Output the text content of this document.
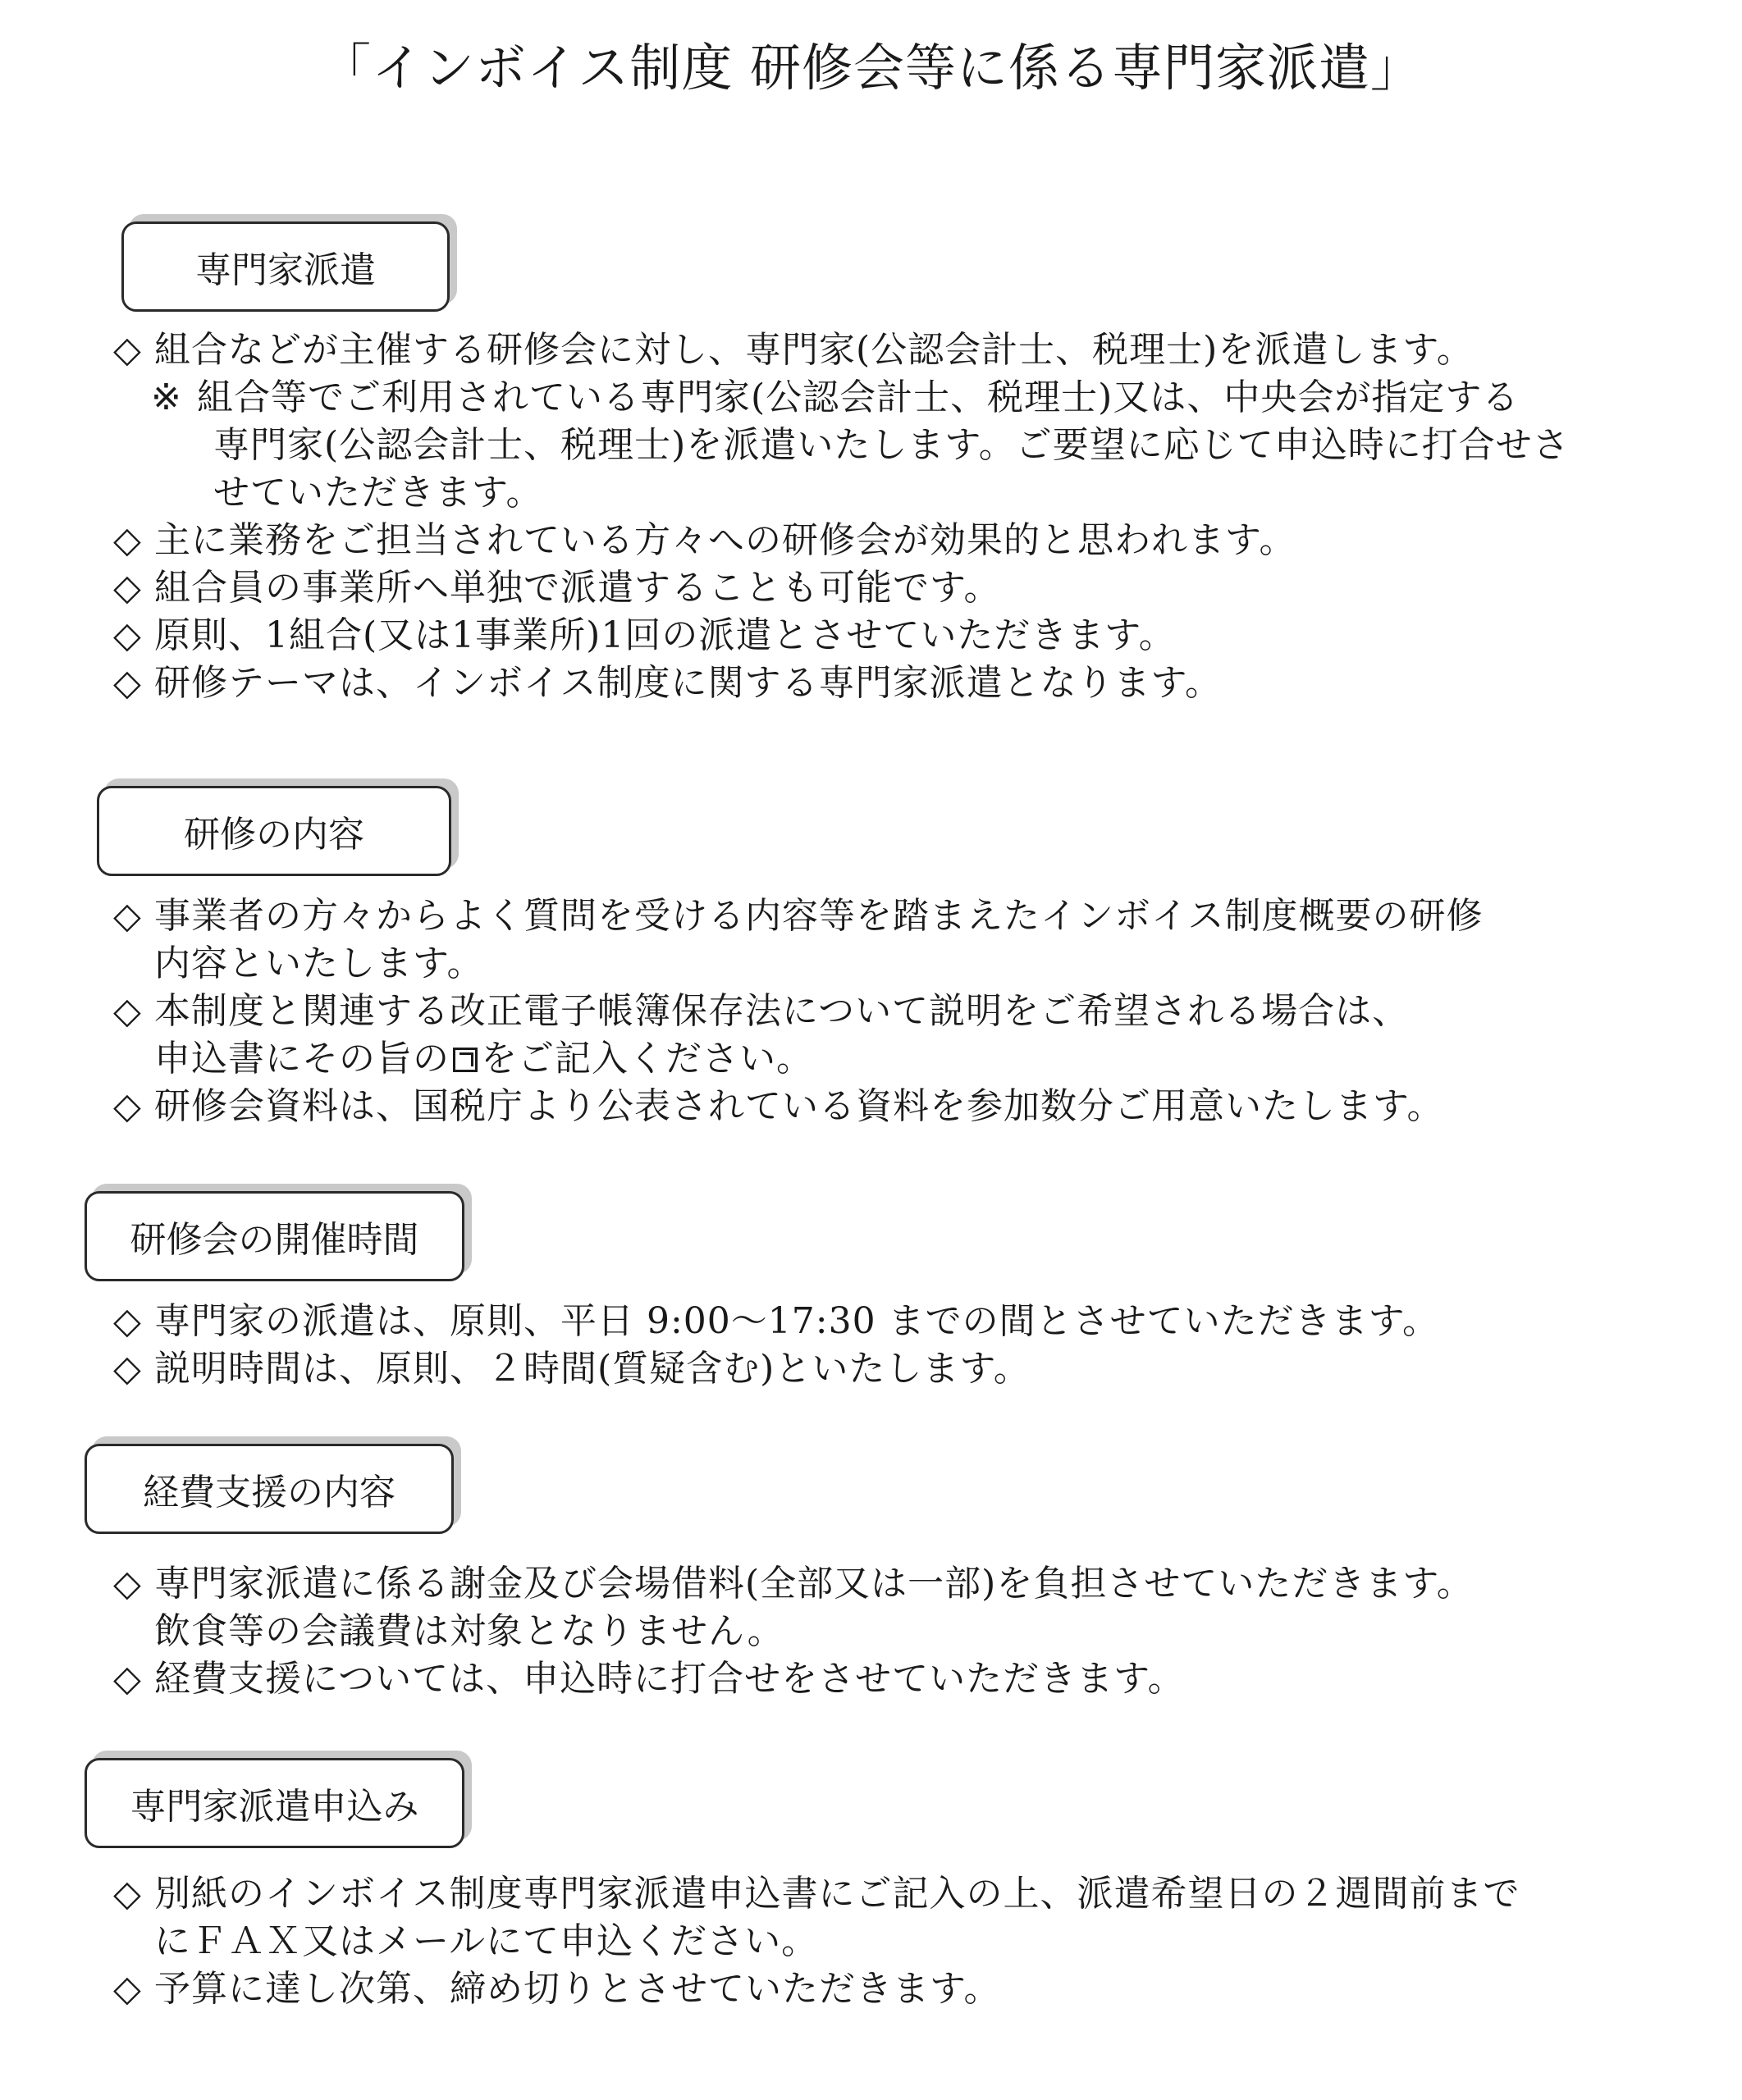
「インボイス制度 研修会等に係る専門家派遣」
専門家派遣
◇ 組合などが主催する研修会に対し、専門家(公認会計士、税理士)を派遣します。
※ 組合等でご利用されている専門家(公認会計士、税理士)又は、中央会が指定する
専門家(公認会計士、税理士)を派遣いたします。ご要望に応じて申込時に打合せさ
せていただきます。
◇ 主に業務をご担当されている方々への研修会が効果的と思われます。
◇ 組合員の事業所へ単独で派遣することも可能です。
◇ 原則、1組合(又は1事業所)1回の派遣とさせていただきます。
◇ 研修テーマは、インボイス制度に関する専門家派遣となります。
研修の内容
◇ 事業者の方々からよく質問を受ける内容等を踏まえたインボイス制度概要の研修
内容といたします。
◇ 本制度と関連する改正電子帳簿保存法について説明をご希望される場合は、
申込書にその旨の をご記入ください。
◇ 研修会資料は、国税庁より公表されている資料を参加数分ご用意いたします。
研修会の開催時間
◇ 専門家の派遣は、原則、平日 9:00～17:30 までの間とさせていただきます。
◇ 説明時間は、原則、２時間(質疑含む)といたします。
経費支援の内容
◇ 専門家派遣に係る謝金及び会場借料(全部又は一部)を負担させていただきます。
飲食等の会議費は対象となりません。
◇ 経費支援については、申込時に打合せをさせていただきます。
専門家派遣申込み
◇ 別紙のインボイス制度専門家派遣申込書にご記入の上、派遣希望日の２週間前まで
にＦＡＸ又はメールにて申込ください。
◇ 予算に達し次第、締め切りとさせていただきます。
